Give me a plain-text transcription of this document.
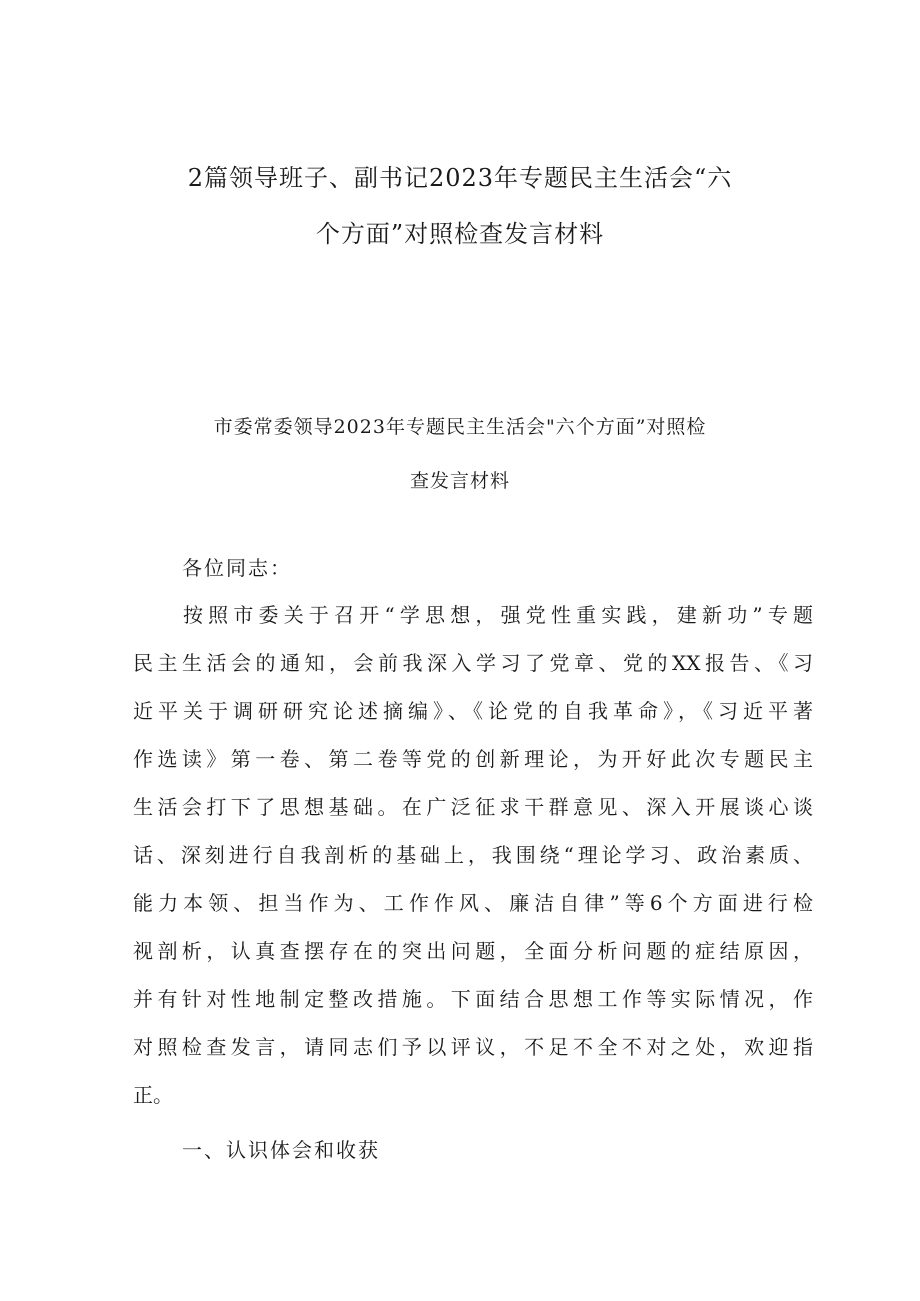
2篇领导班子、副书记2023年专题民主生活会“六
个方面”对照检查发言材料
市委常委领导2023年专题民主生活会"六个方面”对照检
查发言材料

各位同志：

按照市委关于召开“学思想，强党性重实践，建新功”专题
民主生活会的通知，会前我深入学习了党章、党的XX报告、《习
近平关于调研研究论述摘编》、《论党的自我革命》，《习近平著
作选读》第一卷、第二卷等党的创新理论，为开好此次专题民主
生活会打下了思想基础。在广泛征求干群意见、深入开展谈心谈
话、深刻进行自我剖析的基础上，我围绕“理论学习、政治素质、
能力本领、担当作为、工作作风、廉洁自律”等6个方面进行检
视剖析，认真查摆存在的突出问题，全面分析问题的症结原因，
并有针对性地制定整改措施。下面结合思想工作等实际情况，作
对照检查发言，请同志们予以评议，不足不全不对之处，欢迎指
正。

一、认识体会和收获
